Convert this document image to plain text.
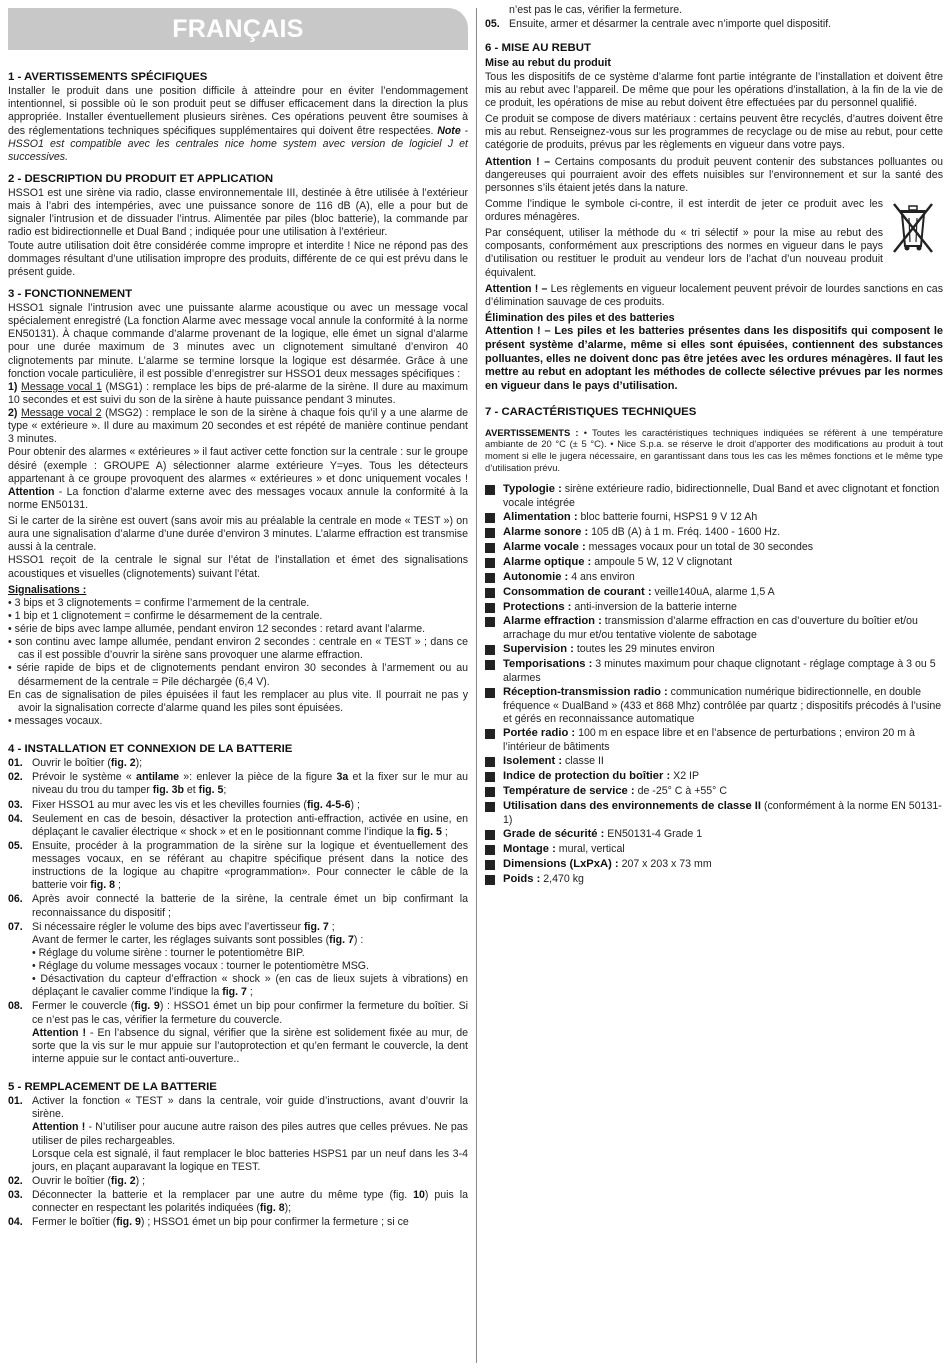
FRANÇAIS
1 - AVERTISSEMENTS SPÉCIFIQUES

Installer le produit dans une position difficile à atteindre pour en éviter l’endommagement intentionnel, si possible où le son produit peut se diffuser efficacement dans la direction la plus appropriée. Installer éventuellement plusieurs sirènes. Ces opérations peuvent être soumises à des réglementations techniques spécifiques supplémentaires qui doivent être respectées. Note - HSSO1 est compatible avec les centrales nice home system avec version de logiciel J et successives.

2 - DESCRIPTION DU PRODUIT ET APPLICATION

HSSO1 est une sirène via radio, classe environnementale III, destinée à être utilisée à l’extérieur mais à l’abri des intempéries, avec une puissance sonore de 116 dB (A), elle a pour but de signaler l’intrusion et de dissuader l’intrus. Alimentée par piles (bloc batterie), la commande par radio est bidirectionnelle et Dual Band ; indiquée pour une utilisation à l’extérieur.

Toute autre utilisation doit être considérée comme impropre et interdite ! Nice ne répond pas des dommages résultant d’une utilisation impropre des produits, différente de ce qui est prévu dans le présent guide.

3 - FONCTIONNEMENT

HSSO1 signale l’intrusion avec une puissante alarme acoustique ou avec un message vocal spécialement enregistré (La fonction Alarme avec message vocal annule la conformité à la norme EN50131). À chaque commande d’alarme provenant de la logique, elle émet un signal d’alarme pour une durée maximum de 3 minutes avec un clignotement simultané d’environ 40 clignotements par minute. L’alarme se termine lorsque la logique est désarmée. Grâce à une fonction vocale particulière, il est possible d’enregistrer sur HSSO1 deux messages spécifiques :

1) Message vocal 1 (MSG1) : remplace les bips de pré-alarme de la sirène. Il dure au maximum 10 secondes et est suivi du son de la sirène à haute puissance pendant 3 minutes.

2) Message vocal 2 (MSG2) : remplace le son de la sirène à chaque fois qu’il y a une alarme de type « extérieure ». Il dure au maximum 20 secondes et est répété de manière continue pendant 3 minutes.

Pour obtenir des alarmes « extérieures » il faut activer cette fonction sur la centrale : sur le groupe désiré (exemple : GROUPE A) sélectionner alarme extérieure Y=yes. Tous les détecteurs appartenant à ce groupe provoquent des alarmes « extérieures » et donc uniquement vocales ! Attention - La fonction d’alarme externe avec des messages vocaux annule la conformité à la norme EN50131.

Si le carter de la sirène est ouvert (sans avoir mis au préalable la centrale en mode « TEST ») on aura une signalisation d’alarme d’une durée d’environ 3 minutes. L’alarme effraction est transmise aussi à la centrale.

HSSO1 reçoit de la centrale le signal sur l’état de l’installation et émet des signalisations acoustiques et visuelles (clignotements) suivant l’état.

Signalisations :
• 3 bips et 3 clignotements = confirme l’armement de la centrale.
• 1 bip et 1 clignotement = confirme le désarmement de la centrale.
• série de bips avec lampe allumée, pendant environ 12 secondes : retard avant l’alarme.
• son continu avec lampe allumée, pendant environ 2 secondes : centrale en « TEST » ; dans ce cas il est possible d’ouvrir la sirène sans provoquer une alarme effraction.
• série rapide de bips et de clignotements pendant environ 30 secondes à l’armement ou au désarmement de la centrale = Pile déchargée (6,4 V).
En cas de signalisation de piles épuisées il faut les remplacer au plus vite. Il pourrait ne pas y avoir la signalisation correcte d’alarme quand les piles sont épuisées.
• messages vocaux.
4 - INSTALLATION ET CONNEXION DE LA BATTERIE
01. Ouvrir le boîtier (fig. 2);
02. Prévoir le système « antilame »: enlever la pièce de la figure 3a et la fixer sur le mur au niveau du trou du tamper fig. 3b et fig. 5;
03. Fixer HSSO1 au mur avec les vis et les chevilles fournies (fig. 4-5-6) ;
04. Seulement en cas de besoin, désactiver la protection anti-effraction, activée en usine, en déplaçant le cavalier électrique « shock » et en le positionnant comme l’indique la fig. 5 ;
05. Ensuite, procéder à la programmation de la sirène sur la logique et éventuellement des messages vocaux, en se référant au chapitre spécifique présent dans la notice des instructions de la logique au chapitre «programmation». Pour connecter le câble de la batterie voir fig. 8 ;
06. Après avoir connecté la batterie de la sirène, la centrale émet un bip confirmant la reconnaissance du dispositif ;
07. Si nécessaire régler le volume des bips avec l’avertisseur fig. 7 ;
Avant de fermer le carter, les réglages suivants sont possibles (fig. 7) :
• Réglage du volume sirène : tourner le potentiomètre BIP.
• Réglage du volume messages vocaux : tourner le potentiomètre MSG.
• Désactivation du capteur d’effraction « shock » (en cas de lieux sujets à vibrations) en déplaçant le cavalier comme l’indique la fig. 7 ;
08. Fermer le couvercle (fig. 9) : HSSO1 émet un bip pour confirmer la fermeture du boîtier. Si ce n’est pas le cas, vérifier la fermeture du couvercle.
Attention ! - En l’absence du signal, vérifier que la sirène est solidement fixée au mur, de sorte que la vis sur le mur appuie sur l’autoprotection et qu’en fermant le couvercle, la dent interne appuie sur le contact anti-ouverture..
5 - REMPLACEMENT DE LA BATTERIE
01. Activer la fonction « TEST » dans la centrale, voir guide d’instructions, avant d’ouvrir la sirène.
Attention ! - N’utiliser pour aucune autre raison des piles autres que celles prévues. Ne pas utiliser de piles rechargeables.
Lorsque cela est signalé, il faut remplacer le bloc batteries HSPS1 par un neuf dans les 3-4 jours, en plaçant auparavant la logique en TEST.
02. Ouvrir le boîtier (fig. 2) ;
03. Déconnecter la batterie et la remplacer par une autre du même type (fig. 10) puis la connecter en respectant les polarités indiquées (fig. 8);
04. Fermer le boîtier (fig. 9) ; HSSO1 émet un bip pour confirmer la fermeture ; si ce
n’est pas le cas, vérifier la fermeture.
05. Ensuite, armer et désarmer la centrale avec n’importe quel dispositif.
6 - MISE AU REBUT
Mise au rebut du produit

Tous les dispositifs de ce système d’alarme font partie intégrante de l’installation et doivent être mis au rebut avec l’appareil. De même que pour les opérations d’installation, à la fin de la vie de ce produit, les opérations de mise au rebut doivent être effectuées par du personnel qualifié.

Ce produit se compose de divers matériaux : certains peuvent être recyclés, d’autres doivent être mis au rebut. Renseignez-vous sur les programmes de recyclage ou de mise au rebut, pour cette catégorie de produits, prévus par les règlements en vigueur dans votre pays.

Attention ! – Certains composants du produit peuvent contenir des substances polluantes ou dangereuses qui pourraient avoir des effets nuisibles sur l’environnement et sur la santé des personnes s’ils étaient jetés dans la nature.

Comme l’indique le symbole ci-contre, il est interdit de jeter ce produit avec les ordures ménagères.

Par conséquent, utiliser la méthode du « tri sélectif » pour la mise au rebut des composants, conformément aux prescriptions des normes en vigueur dans le pays d’utilisation ou restituer le produit au vendeur lors de l’achat d’un nouveau produit équivalent.

Attention ! – Les règlements en vigueur localement peuvent prévoir de lourdes sanctions en cas d’élimination sauvage de ces produits.

Élimination des piles et des batteries

Attention ! – Les piles et les batteries présentes dans les dispositifs qui composent le présent système d’alarme, même si elles sont épuisées, contiennent des substances polluantes, elles ne doivent donc pas être jetées avec les ordures ménagères. Il faut les mettre au rebut en adoptant les méthodes de collecte sélective prévues par les normes en vigueur dans le pays d’utilisation.

7 - CARACTÉRISTIQUES TECHNIQUES

AVERTISSEMENTS : • Toutes les caractéristiques techniques indiquées se réfèrent à une température ambiante de 20 °C (± 5 °C). • Nice S.p.a. se réserve le droit d’apporter des modifications au produit à tout moment si elle le jugera nécessaire, en garantissant dans tous les cas les mêmes fonctions et le même type d’utilisation prévu.

Typologie : sirène extérieure radio, bidirectionnelle, Dual Band et avec clignotant et fonction vocale intégrée
Alimentation : bloc batterie fourni, HSPS1 9 V 12 Ah
Alarme sonore : 105 dB (A) à 1 m. Fréq. 1400 - 1600 Hz.
Alarme vocale : messages vocaux pour un total de 30 secondes
Alarme optique : ampoule 5 W, 12 V clignotant
Autonomie : 4 ans environ
Consommation de courant : veille140uA, alarme 1,5 A
Protections : anti-inversion de la batterie interne
Alarme effraction : transmission d’alarme effraction en cas d’ouverture du boîtier et/ou arrachage du mur et/ou tentative violente de sabotage
Supervision : toutes les 29 minutes environ
Temporisations : 3 minutes maximum pour chaque clignotant - réglage comptage à 3 ou 5 alarmes
Réception-transmission radio : communication numérique bidirectionnelle, en double fréquence « DualBand » (433 et 868 Mhz) contrôlée par quartz ; dispositifs précodés à l’usine et gérés en reconnaissance automatique
Portée radio : 100 m en espace libre et en l’absence de perturbations ; environ 20 m à l’intérieur de bâtiments
Isolement : classe II
Indice de protection du boîtier : X2 IP
Température de service : de -25° C à +55° C
Utilisation dans des environnements de classe II (conformément à la norme EN 50131-1)
Grade de sécurité : EN50131-4 Grade 1
Montage : mural, vertical
Dimensions (LxPxA) : 207 x 203 x 73 mm
Poids : 2,470 kg
